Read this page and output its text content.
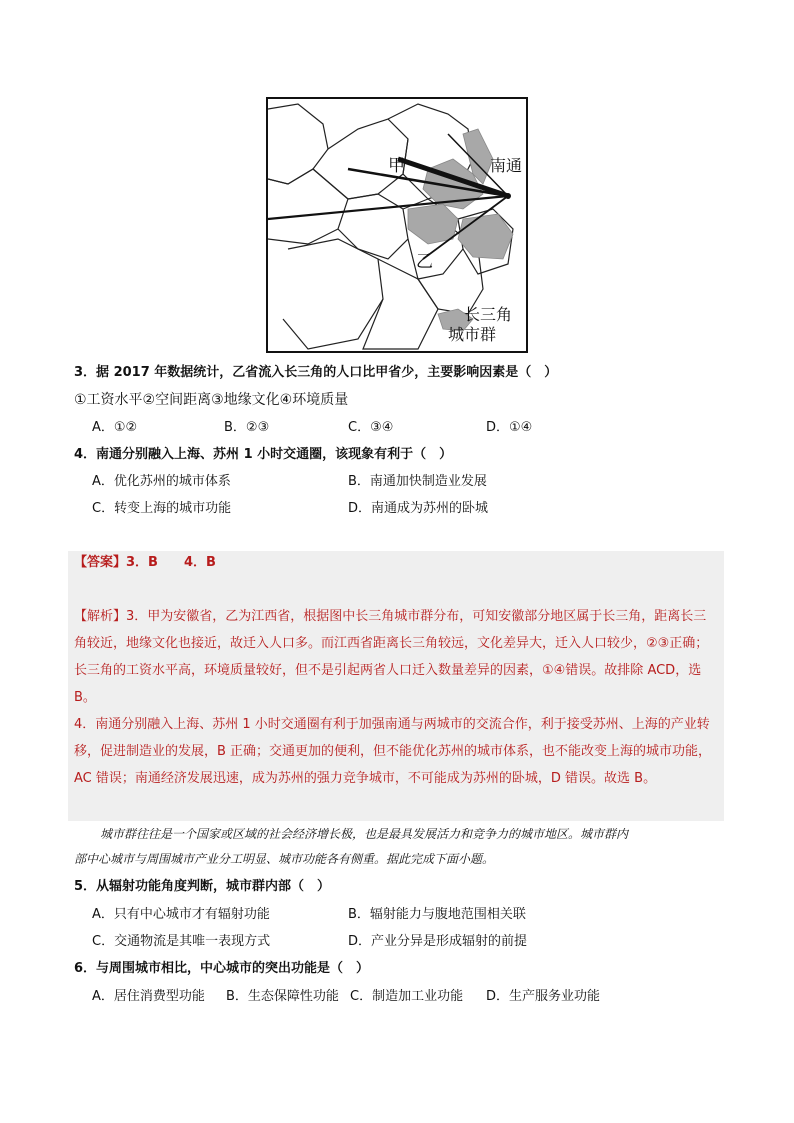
甲
乙
南通
长三角
城市群
3．据 2017 年数据统计，乙省流入长三角的人口比甲省少，主要影响因素是（　）
①工资水平②空间距离③地缘文化④环境质量
A．①②	B．②③	C．③④	D．①④
4．南通分别融入上海、苏州 1 小时交通圈，该现象有利于（　）
A．优化苏州的城市体系	B．南通加快制造业发展
C．转变上海的城市功能	D．南通成为苏州的卧城
【答案】3．B　　4．B
【解析】3．甲为安徽省，乙为江西省，根据图中长三角城市群分布，可知安徽部分地区属于长三角，距离长三角较近，地缘文化也接近，故迁入人口多。而江西省距离长三角较远，文化差异大，迁入人口较少，②③正确；长三角的工资水平高，环境质量较好，但不是引起两省人口迁入数量差异的因素，①④错误。故排除 ACD，选 B。
4．南通分别融入上海、苏州 1 小时交通圈有利于加强南通与两城市的交流合作，利于接受苏州、上海的产业转移，促进制造业的发展，B 正确；交通更加的便利，但不能优化苏州的城市体系，也不能改变上海的城市功能，AC 错误；南通经济发展迅速，成为苏州的强力竞争城市，不可能成为苏州的卧城，D 错误。故选 B。
城市群往往是一个国家或区域的社会经济增长极，也是最具发展活力和竞争力的城市地区。城市群内
部中心城市与周围城市产业分工明显、城市功能各有侧重。据此完成下面小题。
5．从辐射功能角度判断，城市群内部（　）
A．只有中心城市才有辐射功能	B．辐射能力与腹地范围相关联
C．交通物流是其唯一表现方式	D．产业分异是形成辐射的前提
6．与周围城市相比，中心城市的突出功能是（　）
A．居住消费型功能 B．生态保障性功能 C．制造加工业功能 D．生产服务业功能
